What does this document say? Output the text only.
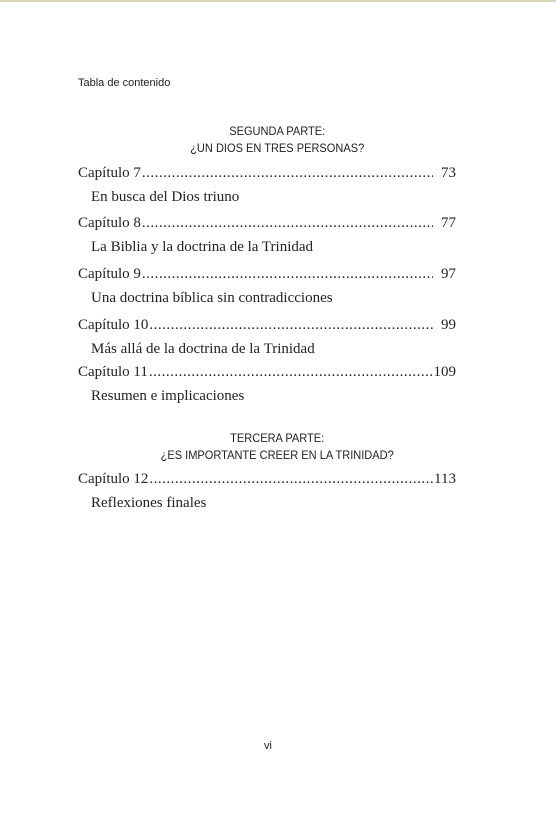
Tabla de contenido
SEGUNDA PARTE:
¿UN DIOS EN TRES PERSONAS?
Capítulo 7 .....	73
En busca del Dios triuno
Capítulo 8 .....	77
La Biblia y la doctrina de la Trinidad
Capítulo 9 .....	97
Una doctrina bíblica sin contradicciones
Capítulo 10 .....	99
Más allá de la doctrina de la Trinidad
Capítulo 11 .....	109
Resumen e implicaciones
TERCERA PARTE:
¿ES IMPORTANTE CREER EN LA TRINIDAD?
Capítulo 12 .....	113
Reflexiones finales
vi
